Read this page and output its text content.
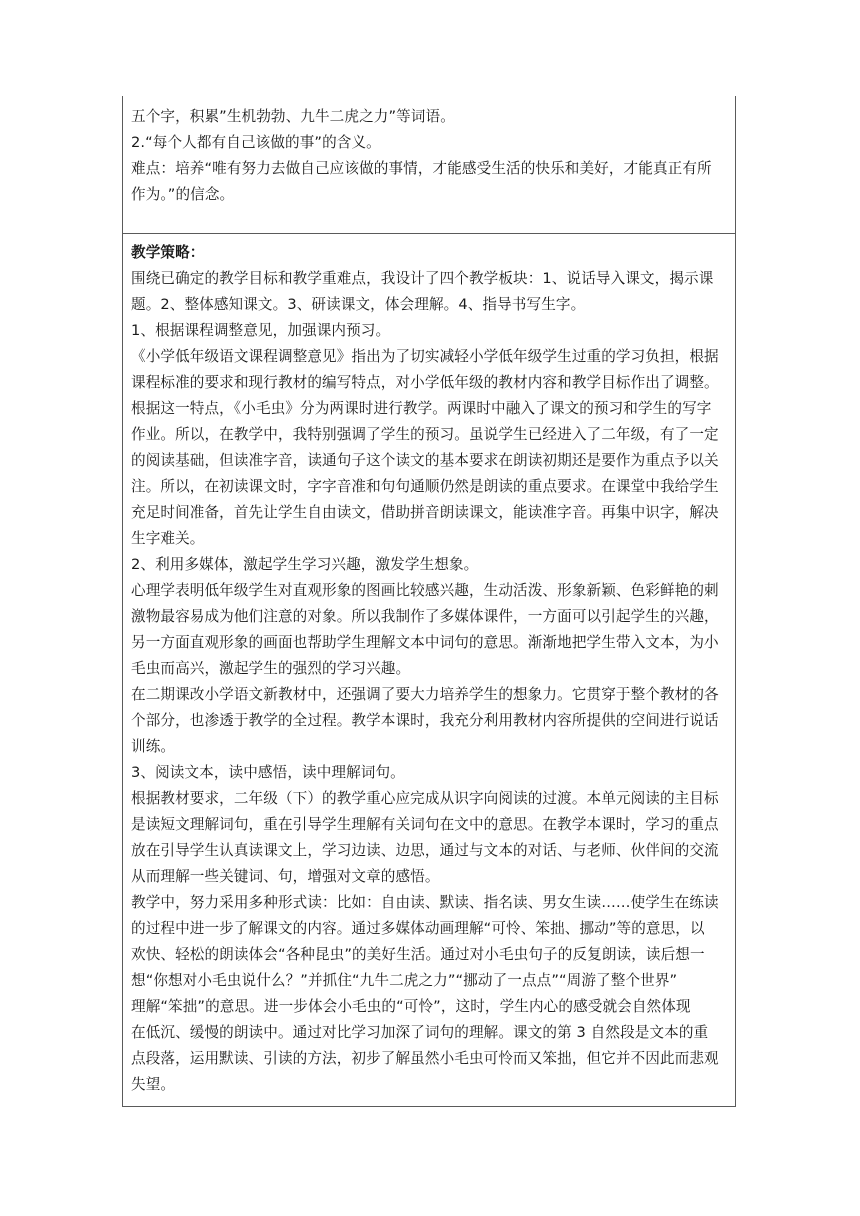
五个字，积累”生机勃勃、九牛二虎之力”等词语。
2.“每个人都有自己该做的事”的含义。
难点：培养“唯有努力去做自己应该做的事情，才能感受生活的快乐和美好，才能真正有所
作为。”的信念。
教学策略：
围绕已确定的教学目标和教学重难点，我设计了四个教学板块：1、说话导入课文，揭示课
题。2、整体感知课文。3、研读课文，体会理解。4、指导书写生字。
1、根据课程调整意见，加强课内预习。
《小学低年级语文课程调整意见》指出为了切实减轻小学低年级学生过重的学习负担，根据
课程标准的要求和现行教材的编写特点，对小学低年级的教材内容和教学目标作出了调整。
根据这一特点，《小毛虫》分为两课时进行教学。两课时中融入了课文的预习和学生的写字
作业。所以，在教学中，我特别强调了学生的预习。虽说学生已经进入了二年级，有了一定
的阅读基础，但读准字音，读通句子这个读文的基本要求在朗读初期还是要作为重点予以关
注。所以，在初读课文时，字字音准和句句通顺仍然是朗读的重点要求。在课堂中我给学生
充足时间准备，首先让学生自由读文，借助拼音朗读课文，能读准字音。再集中识字，解决
生字难关。
2、利用多媒体，激起学生学习兴趣，激发学生想象。
心理学表明低年级学生对直观形象的图画比较感兴趣，生动活泼、形象新颖、色彩鲜艳的刺
激物最容易成为他们注意的对象。所以我制作了多媒体课件，一方面可以引起学生的兴趣，
另一方面直观形象的画面也帮助学生理解文本中词句的意思。渐渐地把学生带入文本，为小
毛虫而高兴，激起学生的强烈的学习兴趣。
在二期课改小学语文新教材中，还强调了要大力培养学生的想象力。它贯穿于整个教材的各
个部分，也渗透于教学的全过程。教学本课时，我充分利用教材内容所提供的空间进行说话
训练。
3、阅读文本，读中感悟，读中理解词句。
根据教材要求，二年级（下）的教学重心应完成从识字向阅读的过渡。本单元阅读的主目标
是读短文理解词句，重在引导学生理解有关词句在文中的意思。在教学本课时，学习的重点
放在引导学生认真读课文上，学习边读、边思，通过与文本的对话、与老师、伙伴间的交流
从而理解一些关键词、句，增强对文章的感悟。
教学中，努力采用多种形式读：比如：自由读、默读、指名读、男女生读……使学生在练读
的过程中进一步了解课文的内容。通过多媒体动画理解“可怜、笨拙、挪动”等的意思，以
欢快、轻松的朗读体会“各种昆虫”的美好生活。通过对小毛虫句子的反复朗读，读后想一
想“你想对小毛虫说什么？”并抓住“九牛二虎之力”“挪动了一点点”“周游了整个世界”
理解“笨拙”的意思。进一步体会小毛虫的“可怜”，这时，学生内心的感受就会自然体现
在低沉、缓慢的朗读中。通过对比学习加深了词句的理解。课文的第 3 自然段是文本的重
点段落，运用默读、引读的方法，初步了解虽然小毛虫可怜而又笨拙，但它并不因此而悲观
失望。
